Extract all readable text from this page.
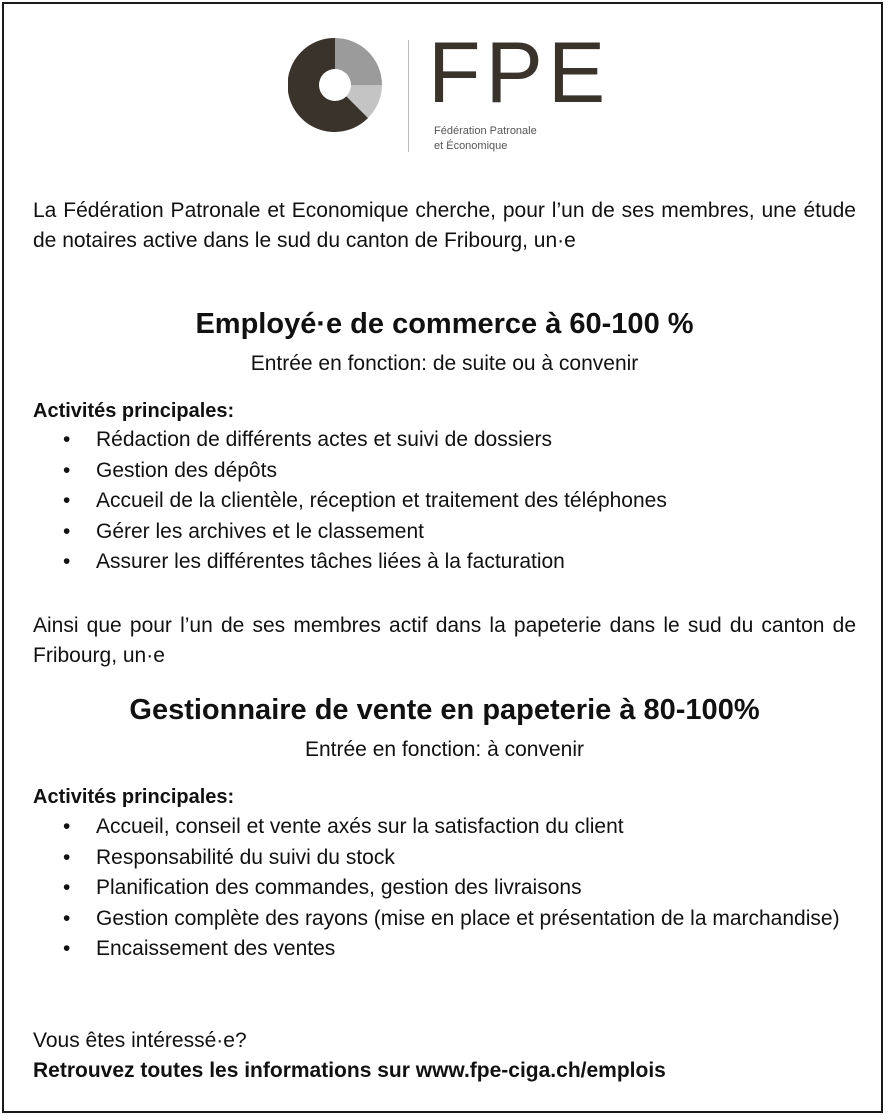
FPE
Fédération Patronale
et Économique
La Fédération Patronale et Economique cherche, pour l’un de ses membres, une étude de notaires active dans le sud du canton de Fribourg, un·e
Employé·e de commerce à 60-100 %
Entrée en fonction: de suite ou à convenir
Activités principales:
• Rédaction de différents actes et suivi de dossiers
• Gestion des dépôts
• Accueil de la clientèle, réception et traitement des téléphones
• Gérer les archives et le classement
• Assurer les différentes tâches liées à la facturation
Ainsi que pour l’un de ses membres actif dans la papeterie dans le sud du canton de Fribourg, un·e
Gestionnaire de vente en papeterie à 80-100%
Entrée en fonction: à convenir
Activités principales:
• Accueil, conseil et vente axés sur la satisfaction du client
• Responsabilité du suivi du stock
• Planification des commandes, gestion des livraisons
• Gestion complète des rayons (mise en place et présentation de la marchandise)
• Encaissement des ventes
Vous êtes intéressé·e?
Retrouvez toutes les informations sur www.fpe-ciga.ch/emplois
